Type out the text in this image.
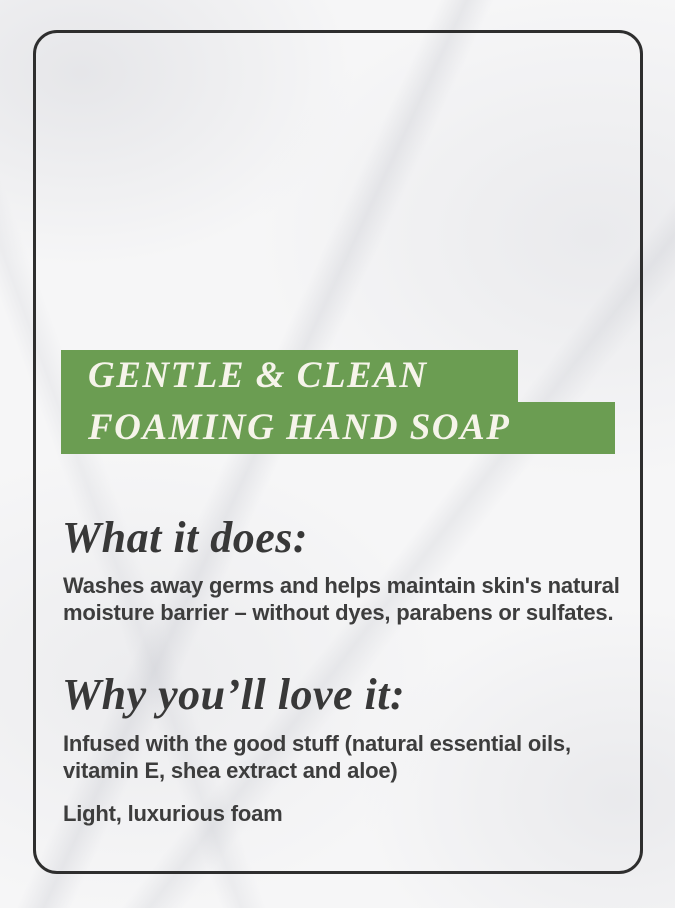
GENTLE & CLEAN
FOAMING HAND SOAP
What it does:

Washes away germs and helps maintain skin's natural
moisture barrier – without dyes, parabens or sulfates.

Why you’ll love it:

Infused with the good stuff (natural essential oils,
vitamin E, shea extract and aloe)

Light, luxurious foam
